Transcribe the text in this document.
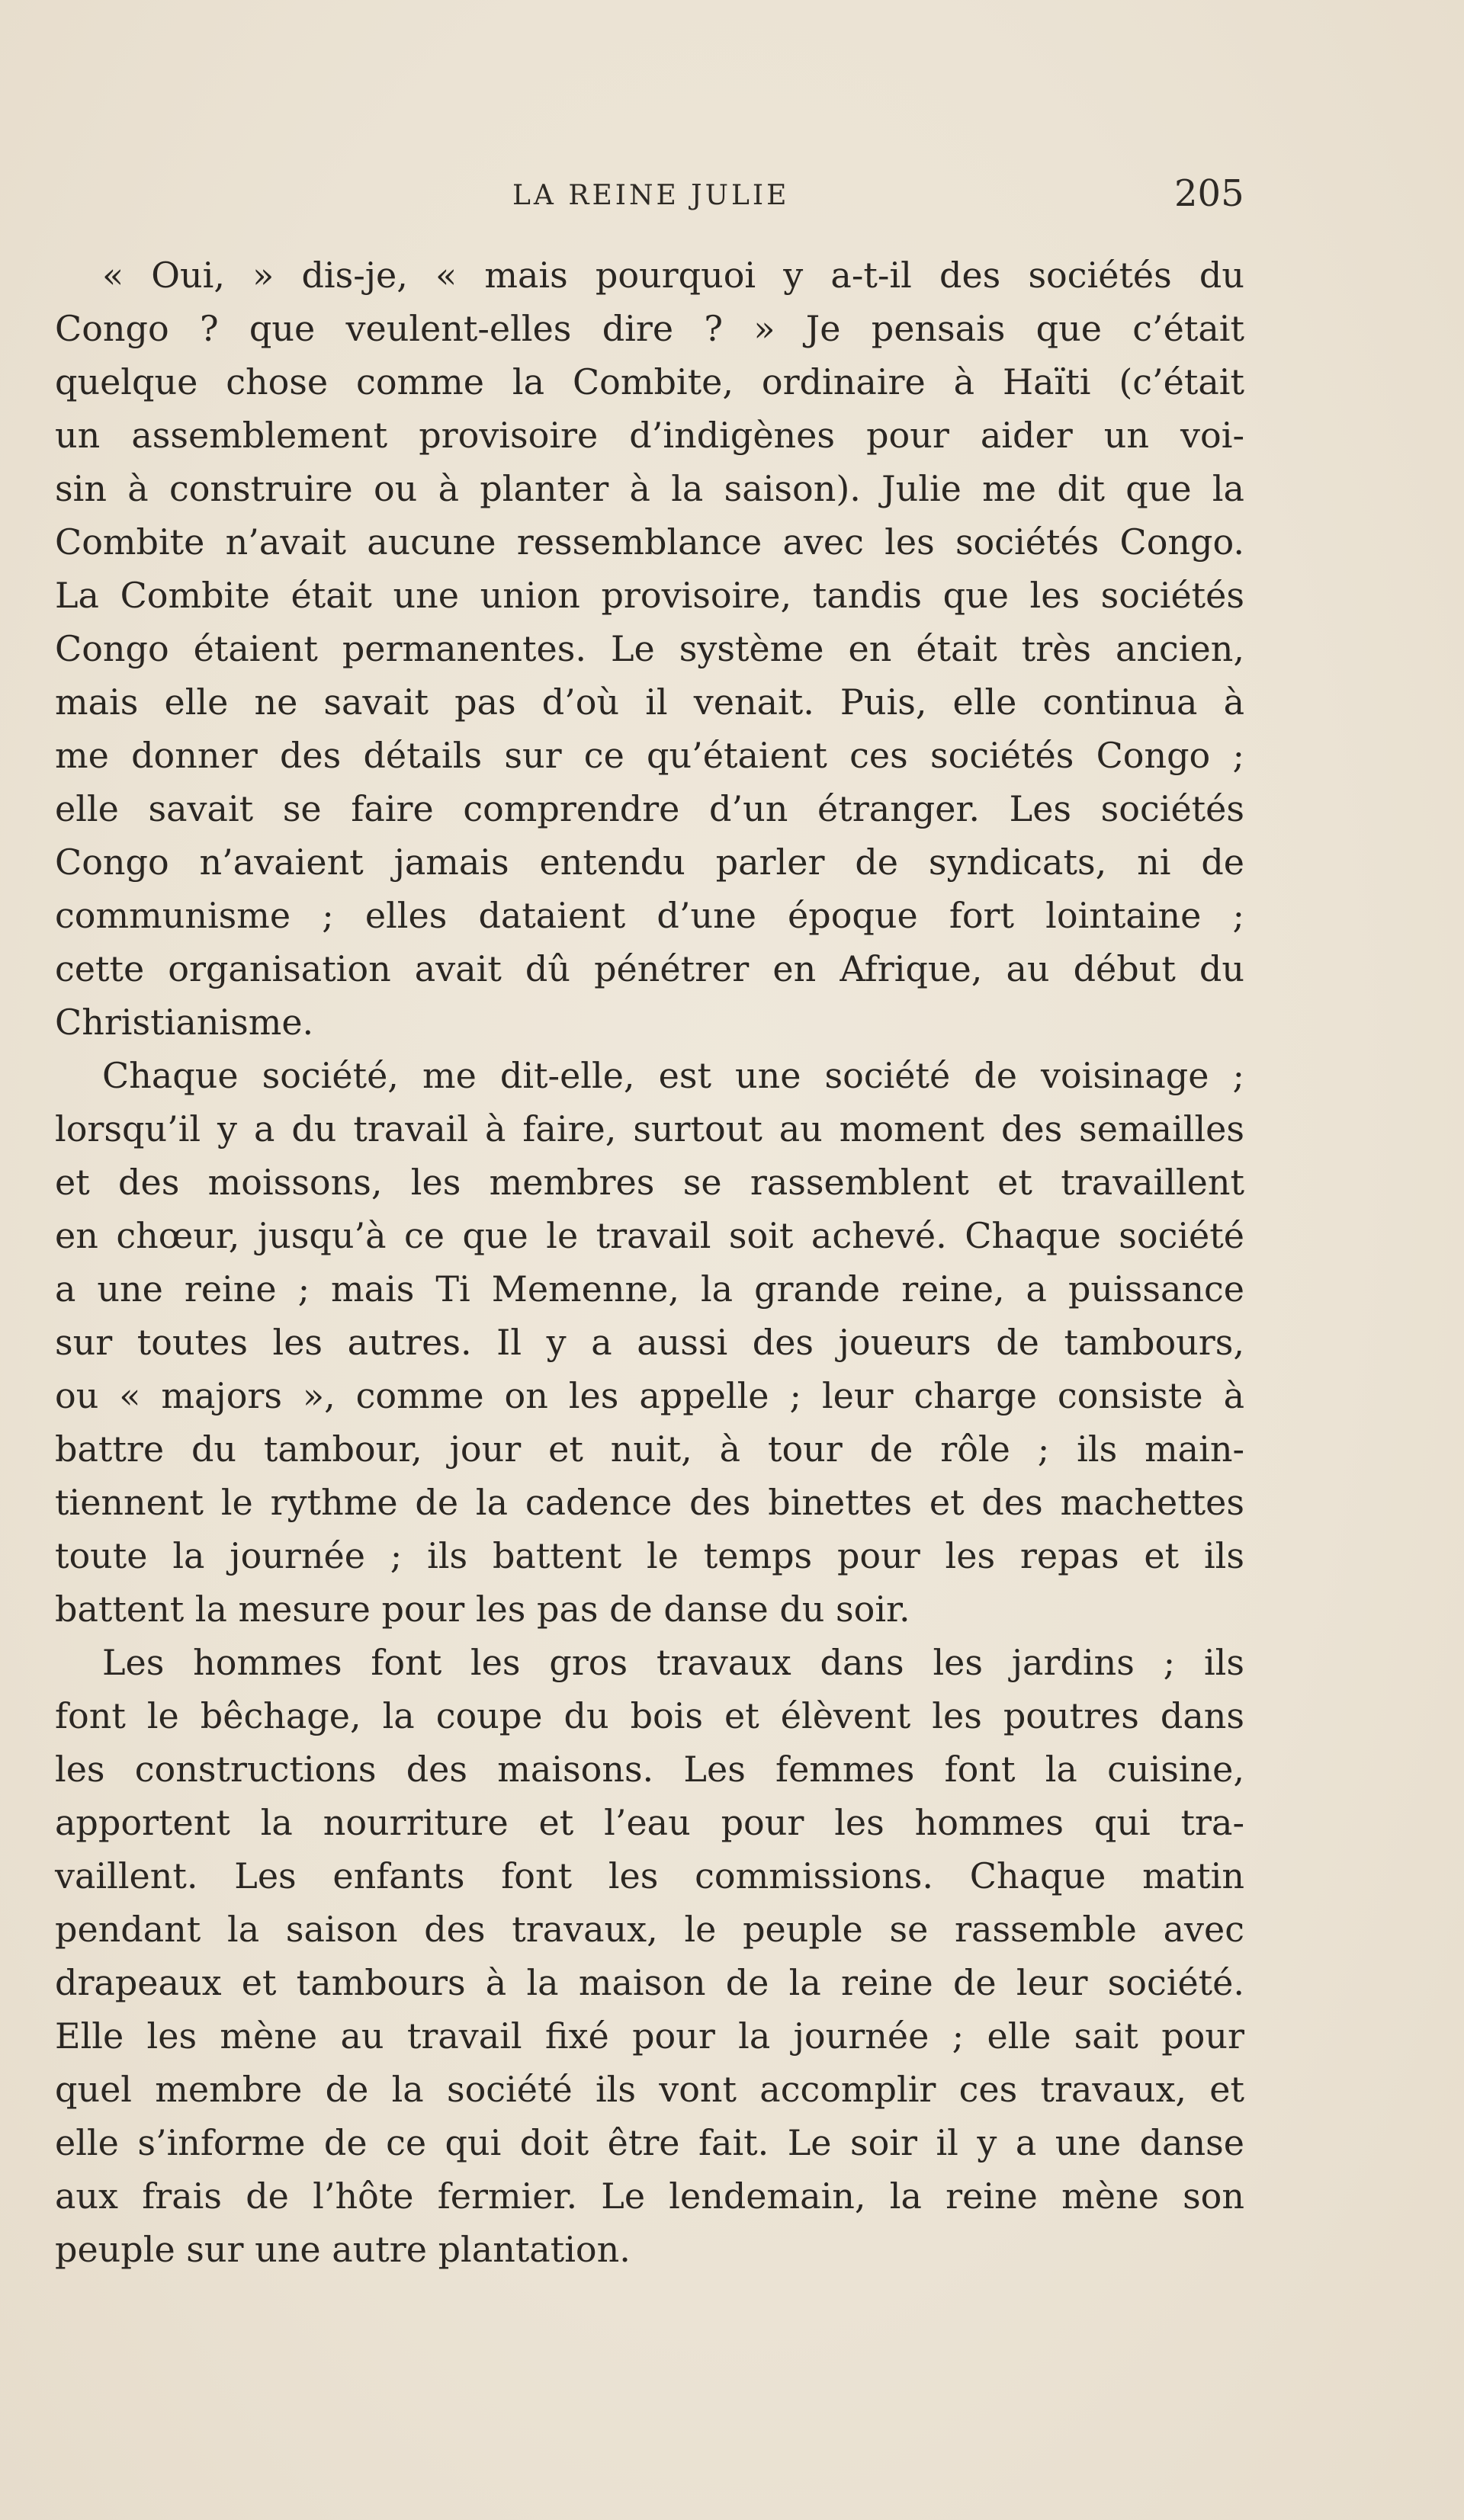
LA REINE JULIE	205
« Oui, » dis-je, « mais pourquoi y a-t-il des sociétés du
Congo ? que veulent-elles dire ? » Je pensais que c’était
quelque chose comme la Combite, ordinaire à Haïti (c’était
un assemblement provisoire d’indigènes pour aider un voi-
sin à construire ou à planter à la saison). Julie me dit que la
Combite n’avait aucune ressemblance avec les sociétés Congo.
La Combite était une union provisoire, tandis que les sociétés
Congo étaient permanentes. Le système en était très ancien,
mais elle ne savait pas d’où il venait. Puis, elle continua à
me donner des détails sur ce qu’étaient ces sociétés Congo ;
elle savait se faire comprendre d’un étranger. Les sociétés
Congo n’avaient jamais entendu parler de syndicats, ni de
communisme ; elles dataient d’une époque fort lointaine ;
cette organisation avait dû pénétrer en Afrique, au début du
Christianisme.
Chaque société, me dit-elle, est une société de voisinage ;
lorsqu’il y a du travail à faire, surtout au moment des semailles
et des moissons, les membres se rassemblent et travaillent
en chœur, jusqu’à ce que le travail soit achevé. Chaque société
a une reine ; mais Ti Memenne, la grande reine, a puissance
sur toutes les autres. Il y a aussi des joueurs de tambours,
ou « majors », comme on les appelle ; leur charge consiste à
battre du tambour, jour et nuit, à tour de rôle ; ils main-
tiennent le rythme de la cadence des binettes et des machettes
toute la journée ; ils battent le temps pour les repas et ils
battent la mesure pour les pas de danse du soir.
Les hommes font les gros travaux dans les jardins ; ils
font le bêchage, la coupe du bois et élèvent les poutres dans
les constructions des maisons. Les femmes font la cuisine,
apportent la nourriture et l’eau pour les hommes qui tra-
vaillent. Les enfants font les commissions. Chaque matin
pendant la saison des travaux, le peuple se rassemble avec
drapeaux et tambours à la maison de la reine de leur société.
Elle les mène au travail fixé pour la journée ; elle sait pour
quel membre de la société ils vont accomplir ces travaux, et
elle s’informe de ce qui doit être fait. Le soir il y a une danse
aux frais de l’hôte fermier. Le lendemain, la reine mène son
peuple sur une autre plantation.
